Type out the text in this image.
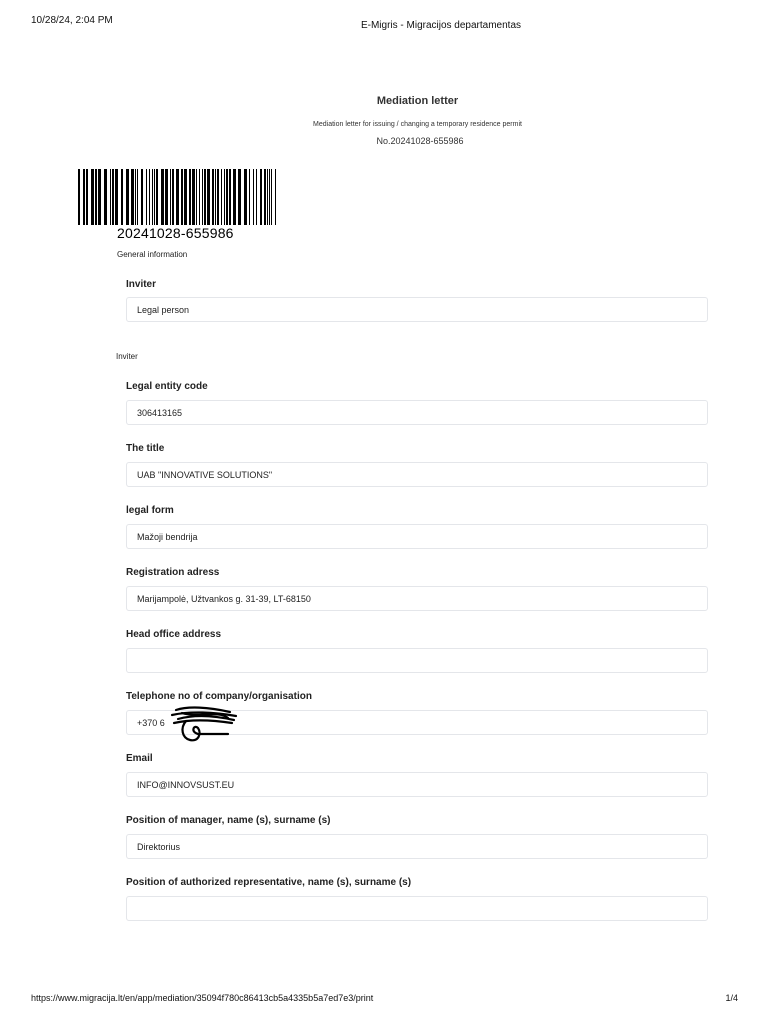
10/28/24, 2:04 PM	E-Migris - Migracijos departamentas
Mediation letter
Mediation letter for issuing / changing a temporary residence permit
No.20241028-655986
20241028-655986
General information
Inviter
Legal person
Inviter
Legal entity code
306413165
The title
UAB "INNOVATIVE SOLUTIONS"
legal form
Mažoji bendrija
Registration adress
Marijampolė, Užtvankos g. 31-39, LT-68150
Head office address
Telephone no of company/organisation
+370 6
Email
INFO@INNOVSUST.EU
Position of manager, name (s), surname (s)
Direktorius
Position of authorized representative, name (s), surname (s)
https://www.migracija.lt/en/app/mediation/35094f780c86413cb5a4335b5a7ed7e3/print	1/4
